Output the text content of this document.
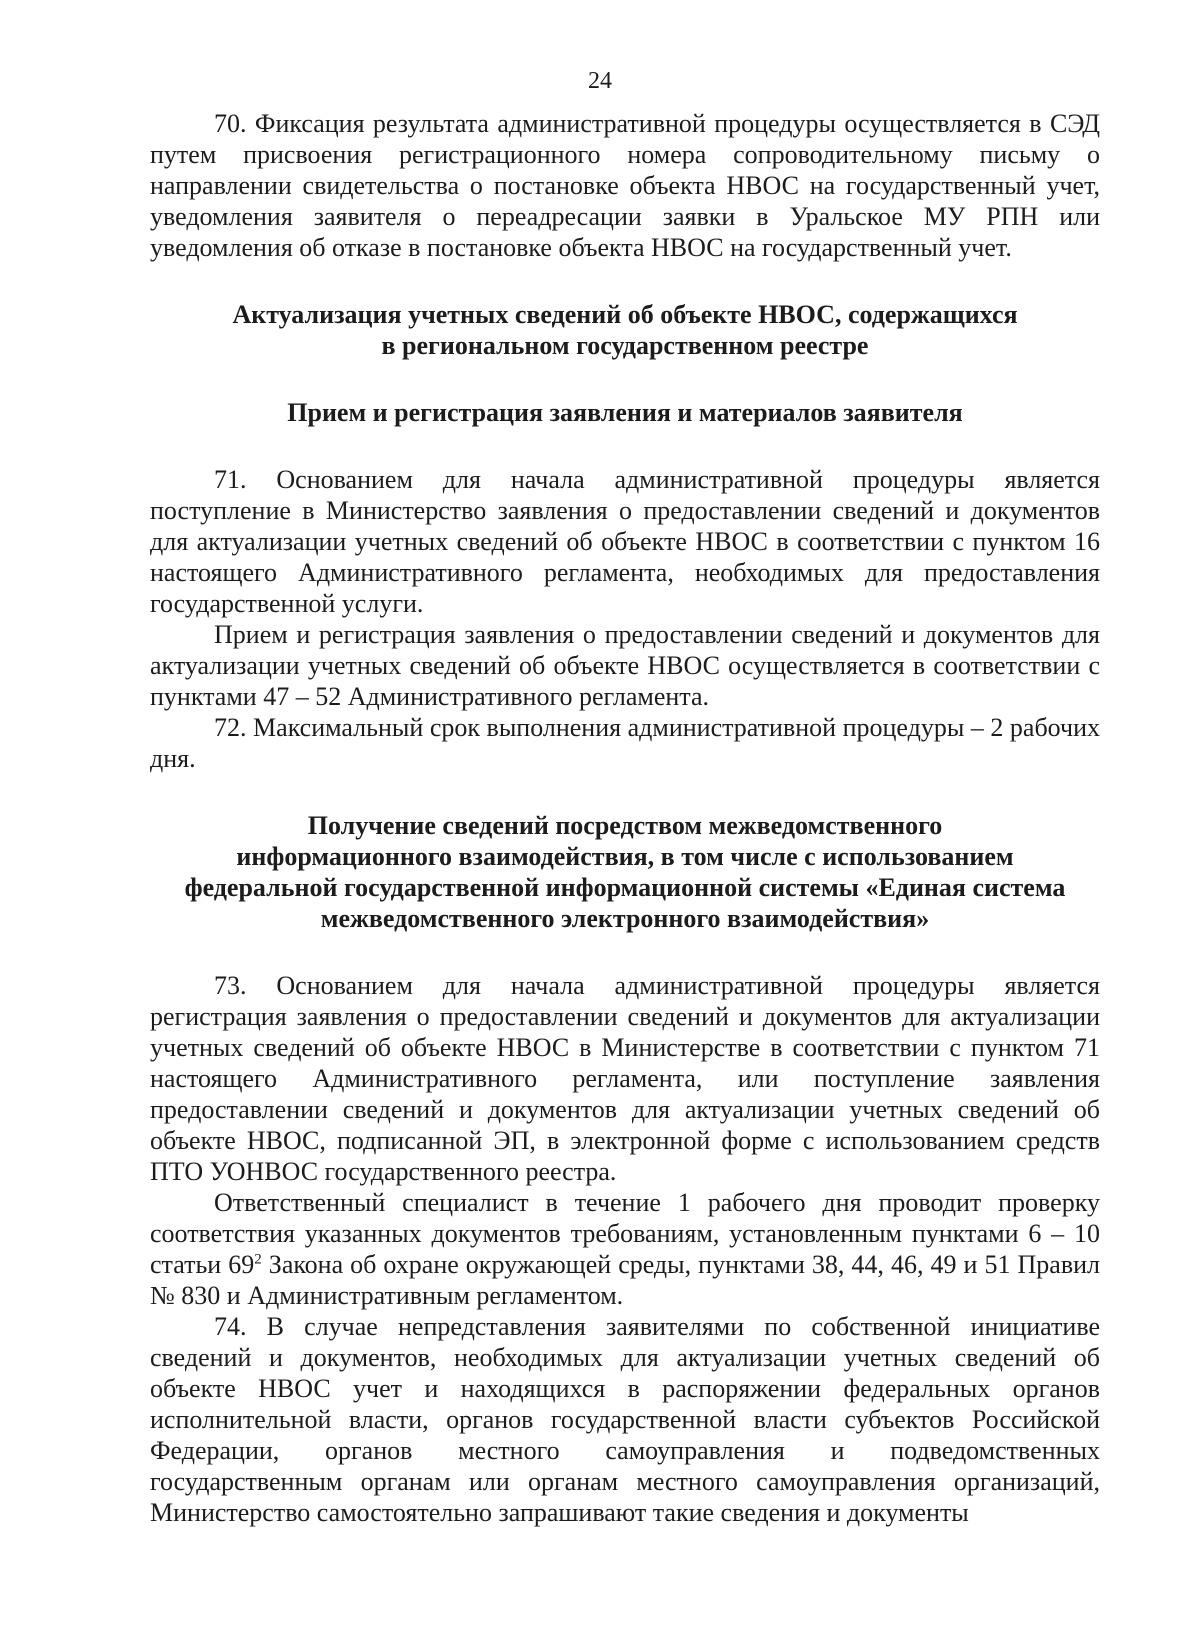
24

70. Фиксация результата административной процедуры осуществляется в СЭД путем присвоения регистрационного номера сопроводительному письму о направлении свидетельства о постановке объекта НВОС на государственный учет, уведомления заявителя о переадресации заявки в Уральское МУ РПН или уведомления об отказе в постановке объекта НВОС на государственный учет.

Актуализация учетных сведений об объекте НВОС, содержащихся
в региональном государственном реестре
Прием и регистрация заявления и материалов заявителя

71. Основанием для начала административной процедуры является поступление в Министерство заявления о предоставлении сведений и документов для актуализации учетных сведений об объекте НВОС в соответствии с пунктом 16 настоящего Административного регламента, необходимых для предоставления государственной услуги.

Прием и регистрация заявления о предоставлении сведений и документов для актуализации учетных сведений об объекте НВОС осуществляется в соответствии с пунктами 47 – 52 Административного регламента.

72. Максимальный срок выполнения административной процедуры – 2 рабочих дня.

Получение сведений посредством межведомственного
информационного взаимодействия, в том числе с использованием
федеральной государственной информационной системы «Единая система
межведомственного электронного взаимодействия»

73. Основанием для начала административной процедуры является регистрация заявления о предоставлении сведений и документов для актуализации учетных сведений об объекте НВОС в Министерстве в соответствии с пунктом 71 настоящего Административного регламента, или поступление заявления предоставлении сведений и документов для актуализации учетных сведений об объекте НВОС, подписанной ЭП, в электронной форме с использованием средств ПТО УОНВОС государственного реестра.

Ответственный специалист в течение 1 рабочего дня проводит проверку соответствия указанных документов требованиям, установленным пунктами 6 – 10 статьи $69^2$ Закона об охране окружающей среды, пунктами 38, 44, 46, 49 и 51 Правил № 830 и Административным регламентом.

74. В случае непредставления заявителями по собственной инициативе сведений и документов, необходимых для актуализации учетных сведений об объекте НВОС учет и находящихся в распоряжении федеральных органов исполнительной власти, органов государственной власти субъектов Российской Федерации, органов местного самоуправления и подведомственных государственным органам или органам местного самоуправления организаций, Министерство самостоятельно запрашивают такие сведения и документы
